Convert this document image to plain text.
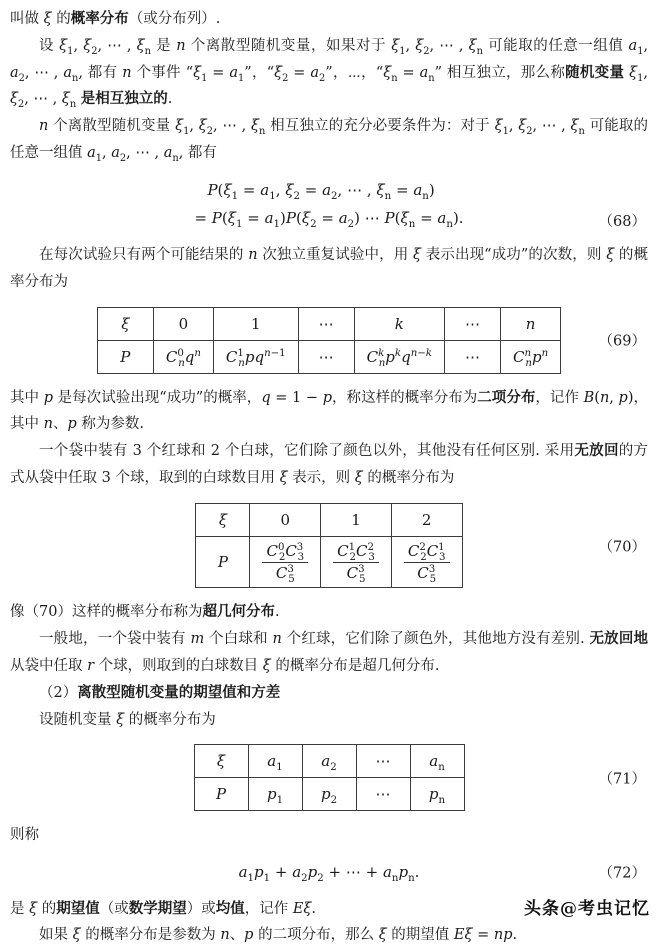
叫做 ξ 的概率分布（或分布列）.

设 $\xi_1$, $\xi_2$, ⋯ , $\xi_n$ 是 n 个离散型随机变量，如果对于 $\xi_1$, $\xi_2$, ⋯ , $\xi_n$ 可能取的任意一组值 $a_1$, $a_2$, ⋯ , $a_n$, 都有 n 个事件 “$\xi_1 = a_1$”，“$\xi_2 = a_2$”，⋯，“$\xi_n = a_n$” 相互独立，那么称随机变量 $\xi_1$, $\xi_2$, ⋯ , $\xi_n$ 是相互独立的.

n 个离散型随机变量 $\xi_1$, $\xi_2$, ⋯ , $\xi_n$ 相互独立的充分必要条件为：对于 $\xi_1$, $\xi_2$, ⋯ , $\xi_n$ 可能取的任意一组值 $a_1$, $a_2$, ⋯ , $a_n$, 都有

$P(\xi_1 = a_1$, $\xi_2 = a_2$, ⋯ , $\xi_n = a_n$)
= $P(\xi_1 = a_1)P(\xi_2 = a_2)$ ⋯ $P(\xi_n = a_n)$.	（68）

在每次试验只有两个可能结果的 n 次独立重复试验中，用 ξ 表示出现“成功”的次数，则 ξ 的概率分布为

ξ	0	1	⋯	k	⋯	n
P	$C^0_nq^n$	$C^1_npq^{n-1}$	⋯	$C^k_np^kq^{n-k}$	⋯	$C^n_np^n$
（69）

其中 p 是每次试验出现“成功”的概率，q = 1 − p，称这样的概率分布为二项分布，记作 B(n, p)，其中 n、p 称为参数.

一个袋中装有 3 个红球和 2 个白球，它们除了颜色以外，其他没有任何区别. 采用无放回的方式从袋中任取 3 个球，取到的白球数目用 ξ 表示，则 ξ 的概率分布为

ξ	0	1	2
P	$\frac{C^0_2C^3_3}{C^3_5}$	$\frac{C^1_2C^2_3}{C^3_5}$	$\frac{C^2_2C^1_3}{C^3_5}$	（70）

像（70）这样的概率分布称为超几何分布.

一般地，一个袋中装有 m 个白球和 n 个红球，它们除了颜色外，其他地方没有差别. 无放回地从袋中任取 r 个球，则取到的白球数目 ξ 的概率分布是超几何分布.

（2）离散型随机变量的期望值和方差

设随机变量 ξ 的概率分布为

ξ	$a_1$	$a_2$	⋯	$a_n$
P	$p_1$	$p_2$	⋯	$p_n$
（71）

则称

$a_1p_1 + a_2p_2$ + ⋯ + $a_np_n$.	（72）

是 ξ 的期望值（或数学期望）或均值，记作 Eξ.

如果 ξ 的概率分布是参数为 n、p 的二项分布，那么 ξ 的期望值 Eξ = np.

头条@考虫记忆
